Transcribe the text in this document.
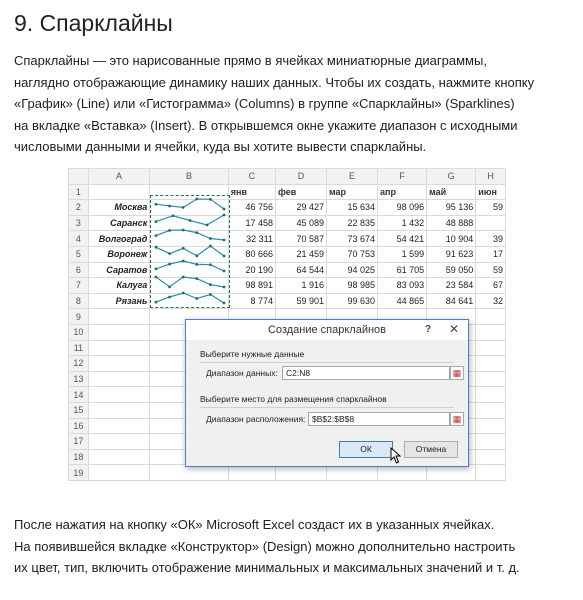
9. Спарклайны
Спарклайны — это нарисованные прямо в ячейках миниатюрные диаграммы,
наглядно отображающие динамику наших данных. Чтобы их создать, нажмите кнопку
«График» (Line) или «Гистограмма» (Columns) в группе «Спарклайны» (Sparklines)
на вкладке «Вставка» (Insert). В открывшемся окне укажите диапазон с исходными
числовыми данными и ячейки, куда вы хотите вывести спарклайны.
	A	B	C	D	E	F	G	H
1			янв	фев	мар	апр	май	июн
2	Москва		46 756	29 427	15 634	98 096	95 136	59
3	Саранск		17 458	45 089	22 835	1 432	48 888	
4	Волгоград		32 311	70 587	73 674	54 421	10 904	39
5	Воронеж		80 666	21 459	70 753	1 599	91 623	17
6	Саратов		20 190	64 544	94 025	61 705	59 050	59
7	Калуга		98 891	1 916	98 985	83 093	23 584	67
8	Рязань		8 774	59 901	99 630	44 865	84 641	32
9								
10								
11								
12								
13								
14								
15								
16								
17								
18								
19								
Создание спарклайнов	?	✕
Выберите нужные данные
Диапазон данных: C2:N8	▦
Выберите место для размещения спарклайнов
Диапазон расположения: $B$2:$B$8	▦
ОК	Отмена
После нажатия на кнопку «ОК» Microsoft Excel создаст их в указанных ячейках.
На появившейся вкладке «Конструктор» (Design) можно дополнительно настроить
их цвет, тип, включить отображение минимальных и максимальных значений и т. д.
